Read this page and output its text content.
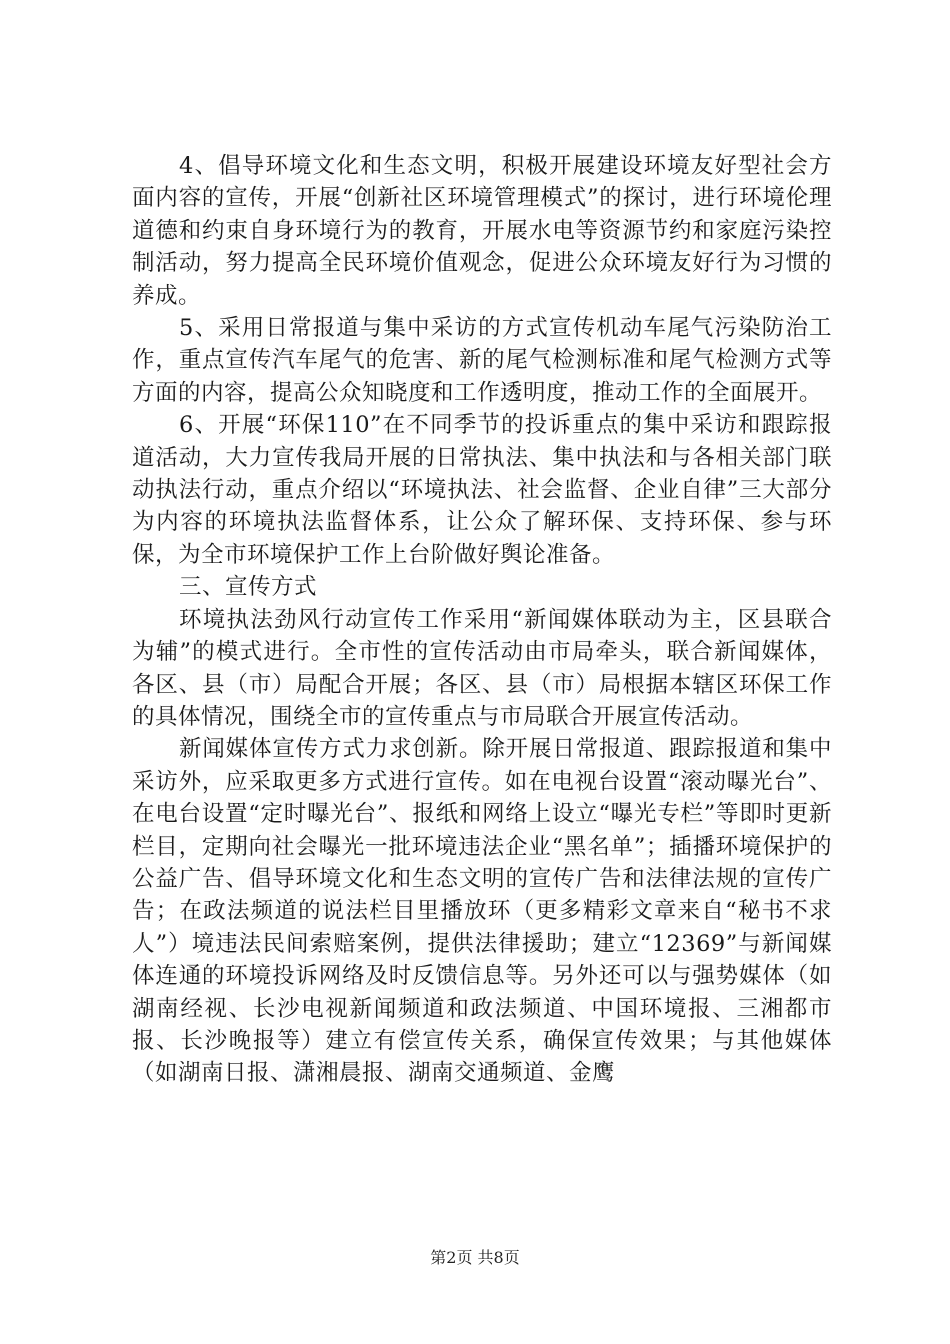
4、倡导环境文化和生态文明，积极开展建设环境友好型社会方面内容的宣传，开展“创新社区环境管理模式”的探讨，进行环境伦理道德和约束自身环境行为的教育，开展水电等资源节约和家庭污染控制活动，努力提高全民环境价值观念，促进公众环境友好行为习惯的养成。

5、采用日常报道与集中采访的方式宣传机动车尾气污染防治工作，重点宣传汽车尾气的危害、新的尾气检测标准和尾气检测方式等方面的内容，提高公众知晓度和工作透明度，推动工作的全面展开。

6、开展“环保110”在不同季节的投诉重点的集中采访和跟踪报道活动，大力宣传我局开展的日常执法、集中执法和与各相关部门联动执法行动，重点介绍以“环境执法、社会监督、企业自律”三大部分为内容的环境执法监督体系，让公众了解环保、支持环保、参与环保，为全市环境保护工作上台阶做好舆论准备。

三、宣传方式

环境执法劲风行动宣传工作采用“新闻媒体联动为主，区县联合为辅”的模式进行。全市性的宣传活动由市局牵头，联合新闻媒体，各区、县（市）局配合开展；各区、县（市）局根据本辖区环保工作的具体情况，围绕全市的宣传重点与市局联合开展宣传活动。

新闻媒体宣传方式力求创新。除开展日常报道、跟踪报道和集中采访外，应采取更多方式进行宣传。如在电视台设置“滚动曝光台”、在电台设置“定时曝光台”、报纸和网络上设立“曝光专栏”等即时更新栏目，定期向社会曝光一批环境违法企业“黑名单”；插播环境保护的公益广告、倡导环境文化和生态文明的宣传广告和法律法规的宣传广告；在政法频道的说法栏目里播放环（更多精彩文章来自“秘书不求人”）境违法民间索赔案例，提供法律援助；建立“12369”与新闻媒体连通的环境投诉网络及时反馈信息等。另外还可以与强势媒体（如湖南经视、长沙电视新闻频道和政法频道、中国环境报、三湘都市报、长沙晚报等）建立有偿宣传关系，确保宣传效果；与其他媒体（如湖南日报、潇湘晨报、湖南交通频道、金鹰

第2页 共8页
